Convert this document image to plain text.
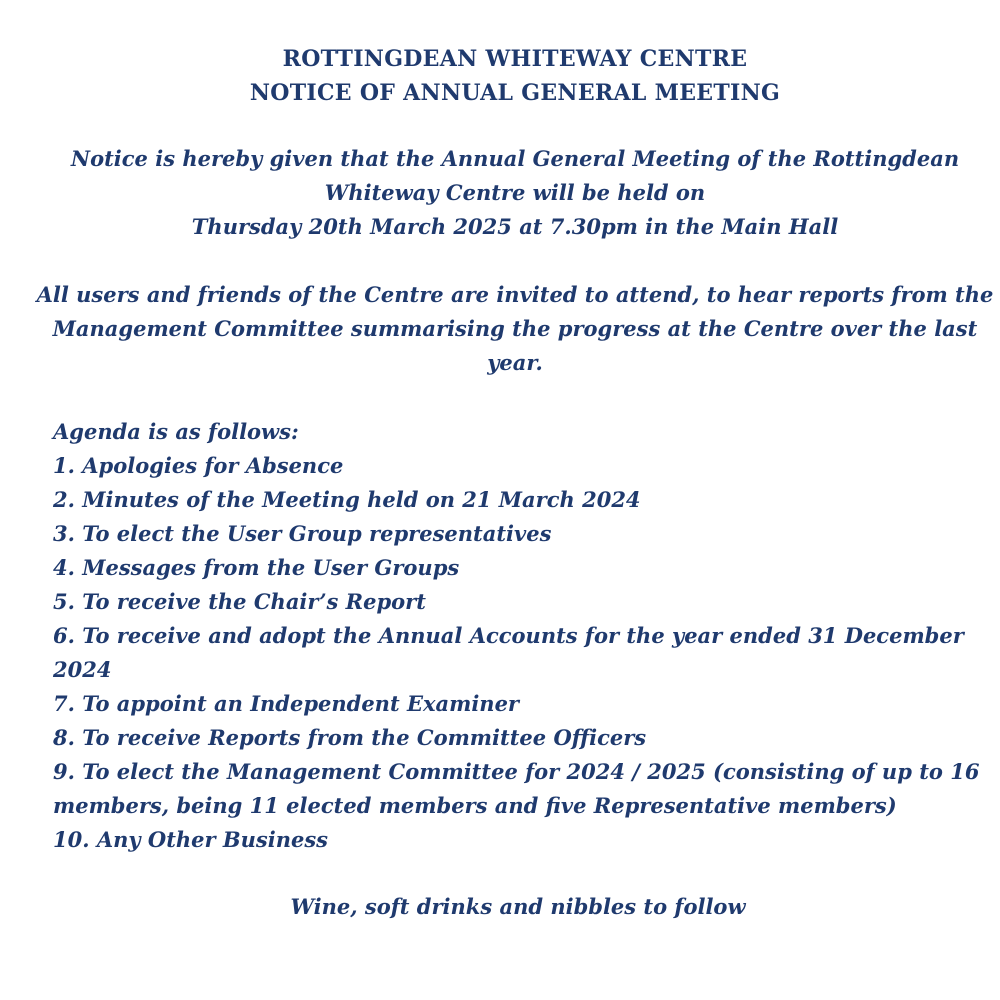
ROTTINGDEAN WHITEWAY CENTRE
NOTICE OF ANNUAL GENERAL MEETING
Notice is hereby given that the Annual General Meeting of the Rottingdean
Whiteway Centre will be held on
Thursday 20th March 2025 at 7.30pm in the Main Hall
All users and friends of the Centre are invited to attend, to hear reports from the
Management Committee summarising the progress at the Centre over the last
year.
Agenda is as follows:
1. Apologies for Absence
2. Minutes of the Meeting held on 21 March 2024
3. To elect the User Group representatives
4. Messages from the User Groups
5. To receive the Chair’s Report
6. To receive and adopt the Annual Accounts for the year ended 31 December
2024
7. To appoint an Independent Examiner
8. To receive Reports from the Committee Officers
9. To elect the Management Committee for 2024 / 2025 (consisting of up to 16
members, being 11 elected members and five Representative members)
10. Any Other Business
Wine, soft drinks and nibbles to follow
